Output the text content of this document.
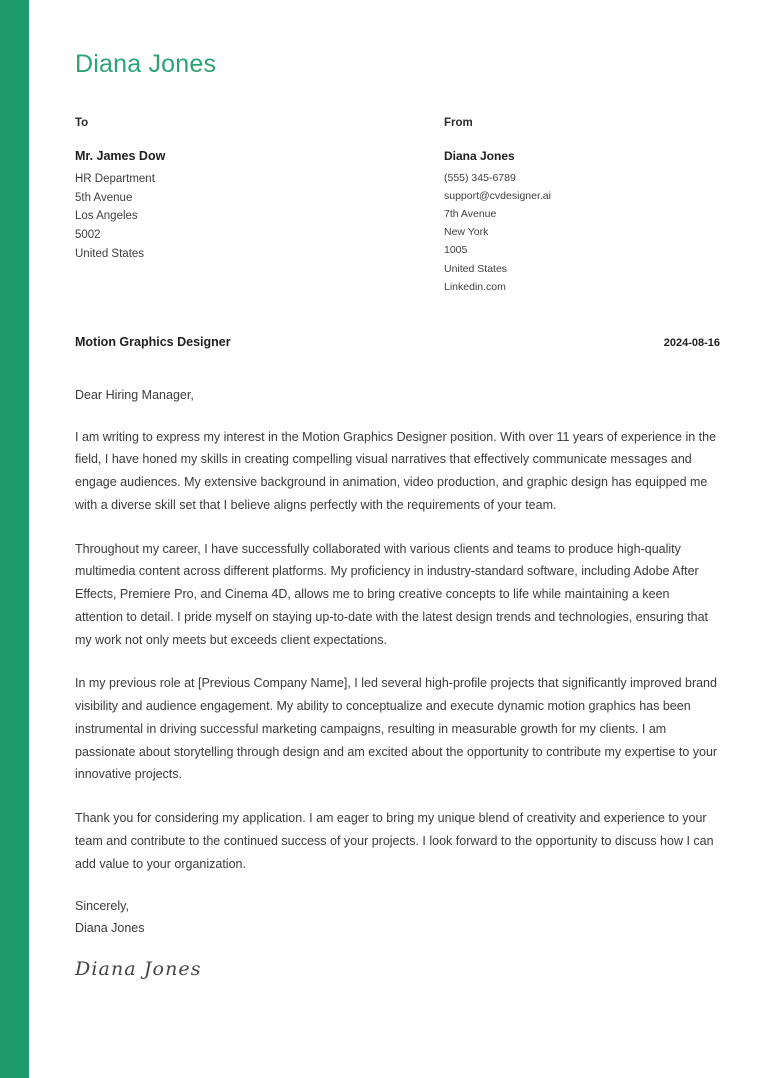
Diana Jones
To
Mr. James Dow
HR Department
5th Avenue
Los Angeles
5002
United States
From
Diana Jones
(555) 345-6789
support@cvdesigner.ai
7th Avenue
New York
1005
United States
Linkedin.com
Motion Graphics Designer	2024-08-16
Dear Hiring Manager,

I am writing to express my interest in the Motion Graphics Designer position. With over 11 years of experience in the field, I have honed my skills in creating compelling visual narratives that effectively communicate messages and engage audiences. My extensive background in animation, video production, and graphic design has equipped me with a diverse skill set that I believe aligns perfectly with the requirements of your team.

Throughout my career, I have successfully collaborated with various clients and teams to produce high-quality multimedia content across different platforms. My proficiency in industry-standard software, including Adobe After Effects, Premiere Pro, and Cinema 4D, allows me to bring creative concepts to life while maintaining a keen attention to detail. I pride myself on staying up-to-date with the latest design trends and technologies, ensuring that my work not only meets but exceeds client expectations.

In my previous role at [Previous Company Name], I led several high-profile projects that significantly improved brand visibility and audience engagement. My ability to conceptualize and execute dynamic motion graphics has been instrumental in driving successful marketing campaigns, resulting in measurable growth for my clients. I am passionate about storytelling through design and am excited about the opportunity to contribute my expertise to your innovative projects.

Thank you for considering my application. I am eager to bring my unique blend of creativity and experience to your team and contribute to the continued success of your projects. I look forward to the opportunity to discuss how I can add value to your organization.

Sincerely,
Diana Jones
Diana Jones
